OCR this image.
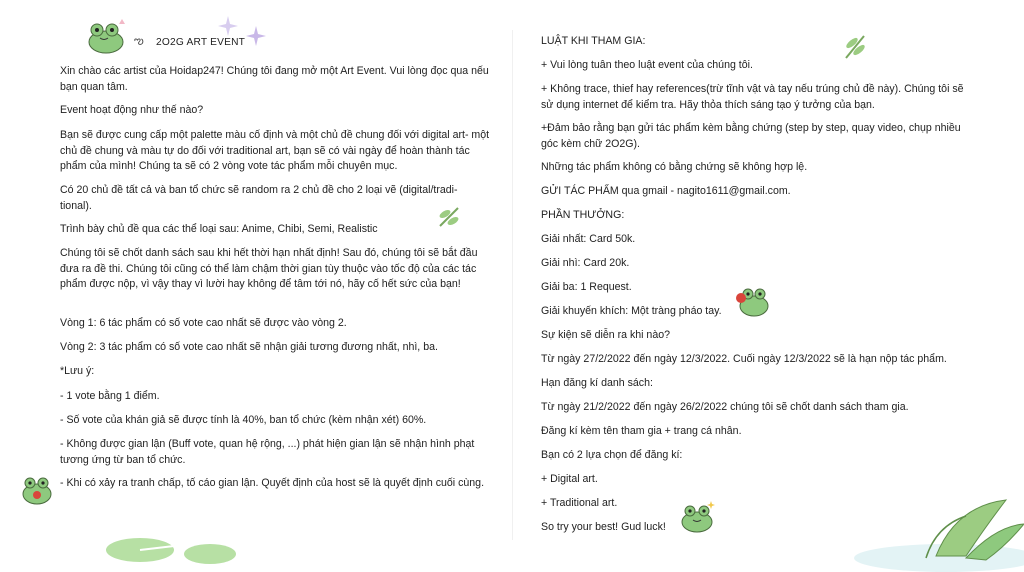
ఌ 2O2G ART EVENT

Xin chào các artist của Hoidap247! Chúng tôi đang mở một Art Event. Vui lòng đọc qua nếu bạn quan tâm.

Event hoạt động như thế nào?

Bạn sẽ được cung cấp một palette màu cố định và một chủ đề chung đối với digital art- một chủ đề chung và màu tự do đối với traditional art, bạn sẽ có vài ngày để hoàn thành tác phẩm của mình! Chúng ta sẽ có 2 vòng vote tác phẩm mỗi chuyên mục.

Có 20 chủ đề tất cả và ban tổ chức sẽ random ra 2 chủ đề cho 2 loại vẽ (digital/tradi- tional).

Trình bày chủ đề qua các thể loại sau: Anime, Chibi, Semi, Realistic

Chúng tôi sẽ chốt danh sách sau khi hết thời hạn nhất định! Sau đó, chúng tôi sẽ bắt đầu đưa ra đề thi. Chúng tôi cũng có thể làm chậm thời gian tùy thuộc vào tốc độ của các tác phẩm được nộp, vì vậy thay vì lười hay không để tâm tới nó, hãy cố hết sức của bạn!

Vòng 1: 6 tác phẩm có số vote cao nhất sẽ được vào vòng 2.

Vòng 2: 3 tác phẩm có số vote cao nhất sẽ nhận giải tương đương nhất, nhì, ba.

*Lưu ý:

- 1 vote bằng 1 điểm.

- Số vote của khán giả sẽ được tính là 40%, ban tổ chức (kèm nhận xét) 60%.

- Không được gian lận (Buff vote, quan hệ rộng, ...) phát hiện gian lận sẽ nhận hình phạt tương ứng từ ban tổ chức.

- Khi có xảy ra tranh chấp, tố cáo gian lận. Quyết định của host sẽ là quyết định cuối cùng.

LUẬT KHI THAM GIA:

+ Vui lòng tuân theo luật event của chúng tôi.

+ Không trace, thief hay references(trừ tĩnh vật và tay nếu trúng chủ đề này). Chúng tôi sẽ sử dụng internet để kiểm tra. Hãy thỏa thích sáng tạo ý tưởng của bạn.

+Đảm bảo rằng bạn gửi tác phẩm kèm bằng chứng (step by step, quay video, chụp nhiều góc kèm chữ 2O2G).

Những tác phẩm không có bằng chứng sẽ không hợp lệ.

GỬI TÁC PHẨM qua gmail - nagito1611@gmail.com.

PHẦN THƯỞNG:

Giải nhất: Card 50k.

Giải nhì: Card 20k.

Giải ba: 1 Request.

Giải khuyến khích: Một tràng pháo tay.

Sự kiện sẽ diễn ra khi nào?

Từ ngày 27/2/2022 đến ngày 12/3/2022. Cuối ngày 12/3/2022 sẽ là hạn nộp tác phẩm.

Hạn đăng kí danh sách:

Từ ngày 21/2/2022 đến ngày 26/2/2022 chúng tôi sẽ chốt danh sách tham gia.

Đăng kí kèm tên tham gia + trang cá nhân.

Bạn có 2 lựa chọn để đăng kí:

+ Digital art.

+ Traditional art.

So try your best! Gud luck!
